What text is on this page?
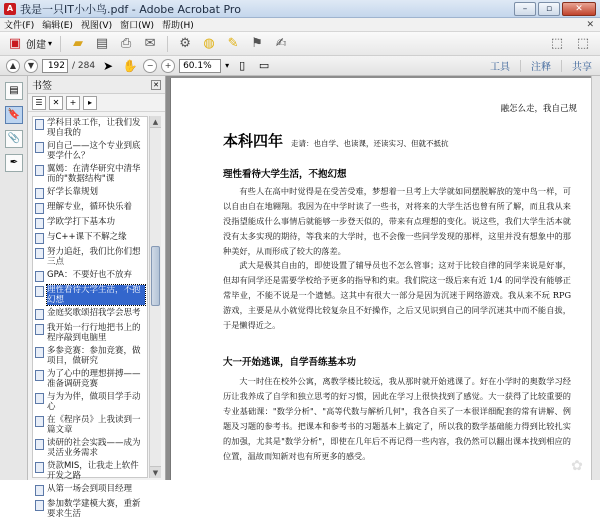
A 我是一只IT小小鸟.pdf - Adobe Acrobat Pro	–	▫	✕
文件(F) 编辑(E) 视图(V) 窗口(W) 帮助(H)	✕
▣ 创建 ▾	▰ ▤ ⎙ ✉ ⚙ ◍ ✎ ⚑ ✍	⬚ ⬚
▲	▼	192 / 284 ➤ ✋	−	+	60.1%	▾ ▯	▭	工具 注释 共享
▤
🔖
📎
✒
书签	✕
☰	✕	+	▸
学科目录工作，让我们发现自我的
问自己——这个专业到底要学什么？
翼嫣：在清华研究中清华而的"数据结构"课
好学长靠规划
理解专业，循环快乐着
学欧学打下基本功
与C++课下不解之缘
努力追赶，我们比你们想三点
GPA：不要好也不放弃
理性看待大学生活，不抱幻想
金庭奖歌颂招我学会思考
我开始一行行地把书上的程序敲到电脑里
多参竞赛：参加竞赛，做项目，做研究
为了心中的理想拼搏——准备调研竞赛
与为为伴，做项目学手动心
在《程序员》上我读到一篇文章
读研的社会实践——成为灵活业务需求
贷款MIS，让我走上软件开发之路
从第一场会到项目经理
参加数学建模大赛，重新要求生活
▲
▼
融怎么走，我自己规
本科四年 走请：也自学、也读课，还读实习、但就不抵抗
理性看待大学生活，不抱幻想
有些人在高中时觉得是在受苦受难，梦想着一旦考上大学就如同摆脱解放的笼中鸟一样，可以自由自在地翱翔。我因为在中学时读了一些书，对将来的大学生活也曾有所了解，而且我从来没指望能成什么事情后就能够一步登天似的，带来有点理想的变化。说这些，我们大学生活本就没有太多实现的期待，等我来的大学时，也不会像一些同学发现的那样，这里并没有想象中的那种美好，从而形成了较大的落差。
武大是极其自由的，即使设置了辅导员也不怎么管事；这对于比较自律的同学来说是好事，但却有同学还是需要学校给予更多的指导和约束。我们院这一级后来有近 1/4 的同学没有能够正常毕业，不能不说是一个遗憾。这其中有很大一部分是因为沉迷于网络游戏。我从来不玩 RPG 游戏，主要是从小就觉得比较复杂且不好操作，之后又见识到自己的同学沉迷其中而不能自拔，于是懒得近之。
大一开始逃课，自学吾练基本功
大一时住在校外公寓，离教学楼比较远，我从那时就开始逃课了。好在小学时的奥数学习经历让我养成了自学和独立思考的好习惯，因此在学习上很快找到了感觉。大一获得了比较重要的专业基础课："数学分析"、"高等代数与解析几何"，我各自买了一本很详细配套的常有讲解、例题及习题的参考书。把课本和参考书的习题基本上搞定了，所以我的数学基础能力得到比较扎实的加强，尤其是"数学分析"，即使在几年后不再记得一些内容，我仍然可以翻出课本找到相应的位置，温故而知新对也有所更多的感受。
✿
